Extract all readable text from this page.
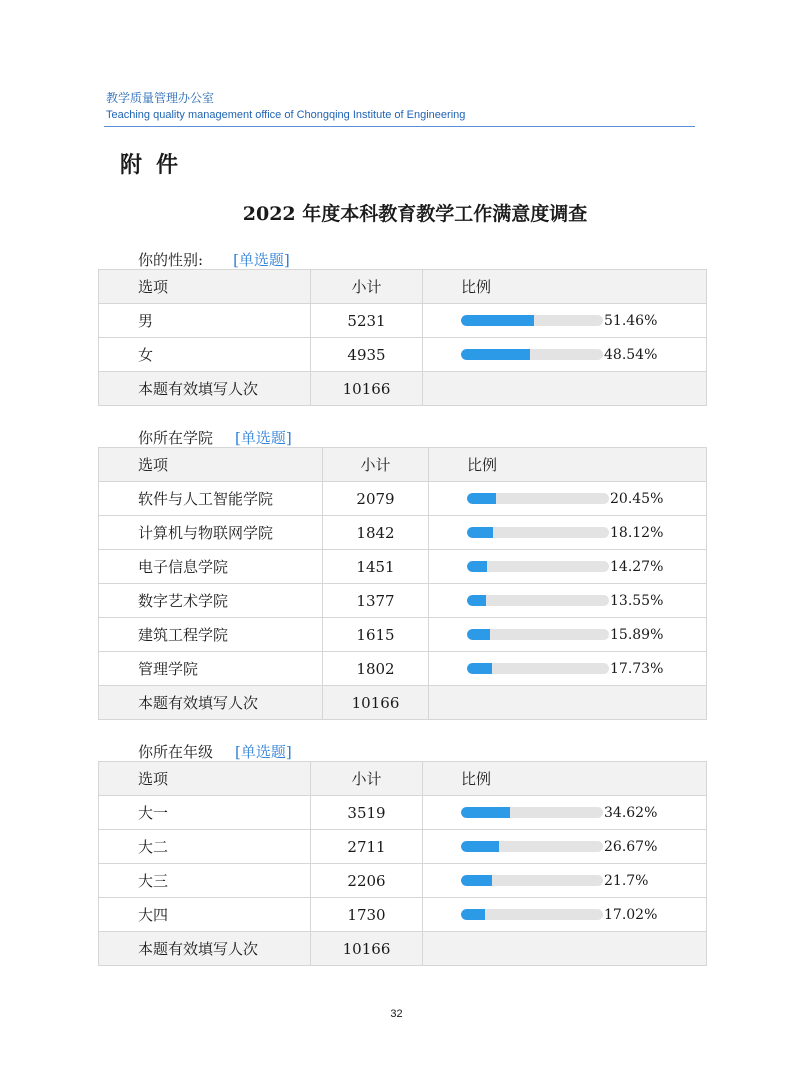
教学质量管理办公室
Teaching quality management office of Chongqing Institute of Engineering
附件
2022 年度本科教育教学工作满意度调查
你的性别: [单选题]
选项	小计	比例
男	5231	51.46%

女	4935	48.54%

本题有效填写人次	10166	
你所在学院 [单选题]
选项	小计	比例
软件与人工智能学院	2079	20.45%

计算机与物联网学院	1842	18.12%

电子信息学院	1451	14.27%

数字艺术学院	1377	13.55%

建筑工程学院	1615	15.89%

管理学院	1802	17.73%

本题有效填写人次	10166	
你所在年级 [单选题]
选项	小计	比例
大一	3519	34.62%

大二	2711	26.67%

大三	2206	21.7%

大四	1730	17.02%

本题有效填写人次	10166	
32
